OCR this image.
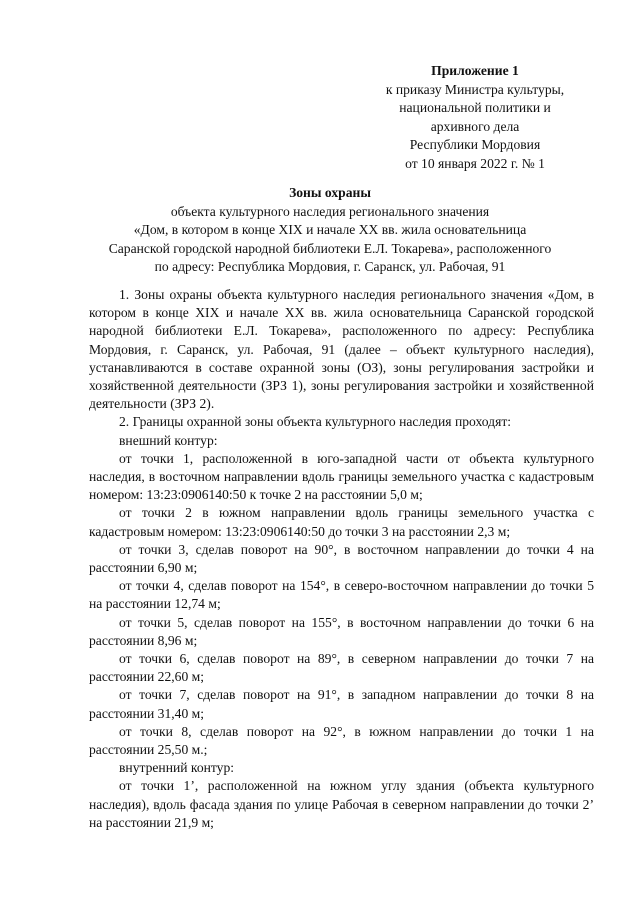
Приложение 1
к приказу Министра культуры,
национальной политики и
архивного дела
Республики Мордовия
от 10 января 2022 г. № 1
Зоны охраны
объекта культурного наследия регионального значения
«Дом, в котором в конце XIX и начале XX вв. жила основательница
Саранской городской народной библиотеки Е.Л. Токарева», расположенного
по адресу: Республика Мордовия, г. Саранск, ул. Рабочая, 91

1. Зоны охраны объекта культурного наследия регионального значения «Дом, в котором в конце XIX и начале XX вв. жила основательница Саранской городской народной библиотеки Е.Л. Токарева», расположенного по адресу: Республика Мордовия, г. Саранск, ул. Рабочая, 91 (далее – объект культурного наследия), устанавливаются в составе охранной зоны (ОЗ), зоны регулирования застройки и хозяйственной деятельности (ЗРЗ 1), зоны регулирования застройки и хозяйственной деятельности (ЗРЗ 2).

2. Границы охранной зоны объекта культурного наследия проходят:

внешний контур:

от точки 1, расположенной в юго-западной части от объекта культурного наследия, в восточном направлении вдоль границы земельного участка с кадастровым номером: 13:23:0906140:50 к точке 2 на расстоянии 5,0 м;

от точки 2 в южном направлении вдоль границы земельного участка с кадастровым номером: 13:23:0906140:50 до точки 3 на расстоянии 2,3 м;

от точки 3, сделав поворот на 90°, в восточном направлении до точки 4 на расстоянии 6,90 м;

от точки 4, сделав поворот на 154°, в северо-восточном направлении до точки 5 на расстоянии 12,74 м;

от точки 5, сделав поворот на 155°, в восточном направлении до точки 6 на расстоянии 8,96 м;

от точки 6, сделав поворот на 89°, в северном направлении до точки 7 на расстоянии 22,60 м;

от точки 7, сделав поворот на 91°, в западном направлении до точки 8 на расстоянии 31,40 м;

от точки 8, сделав поворот на 92°, в южном направлении до точки 1 на расстоянии 25,50 м.;

внутренний контур:

от точки 1’, расположенной на южном углу здания (объекта культурного наследия), вдоль фасада здания по улице Рабочая в северном направлении до точки 2’ на расстоянии 21,9 м;
